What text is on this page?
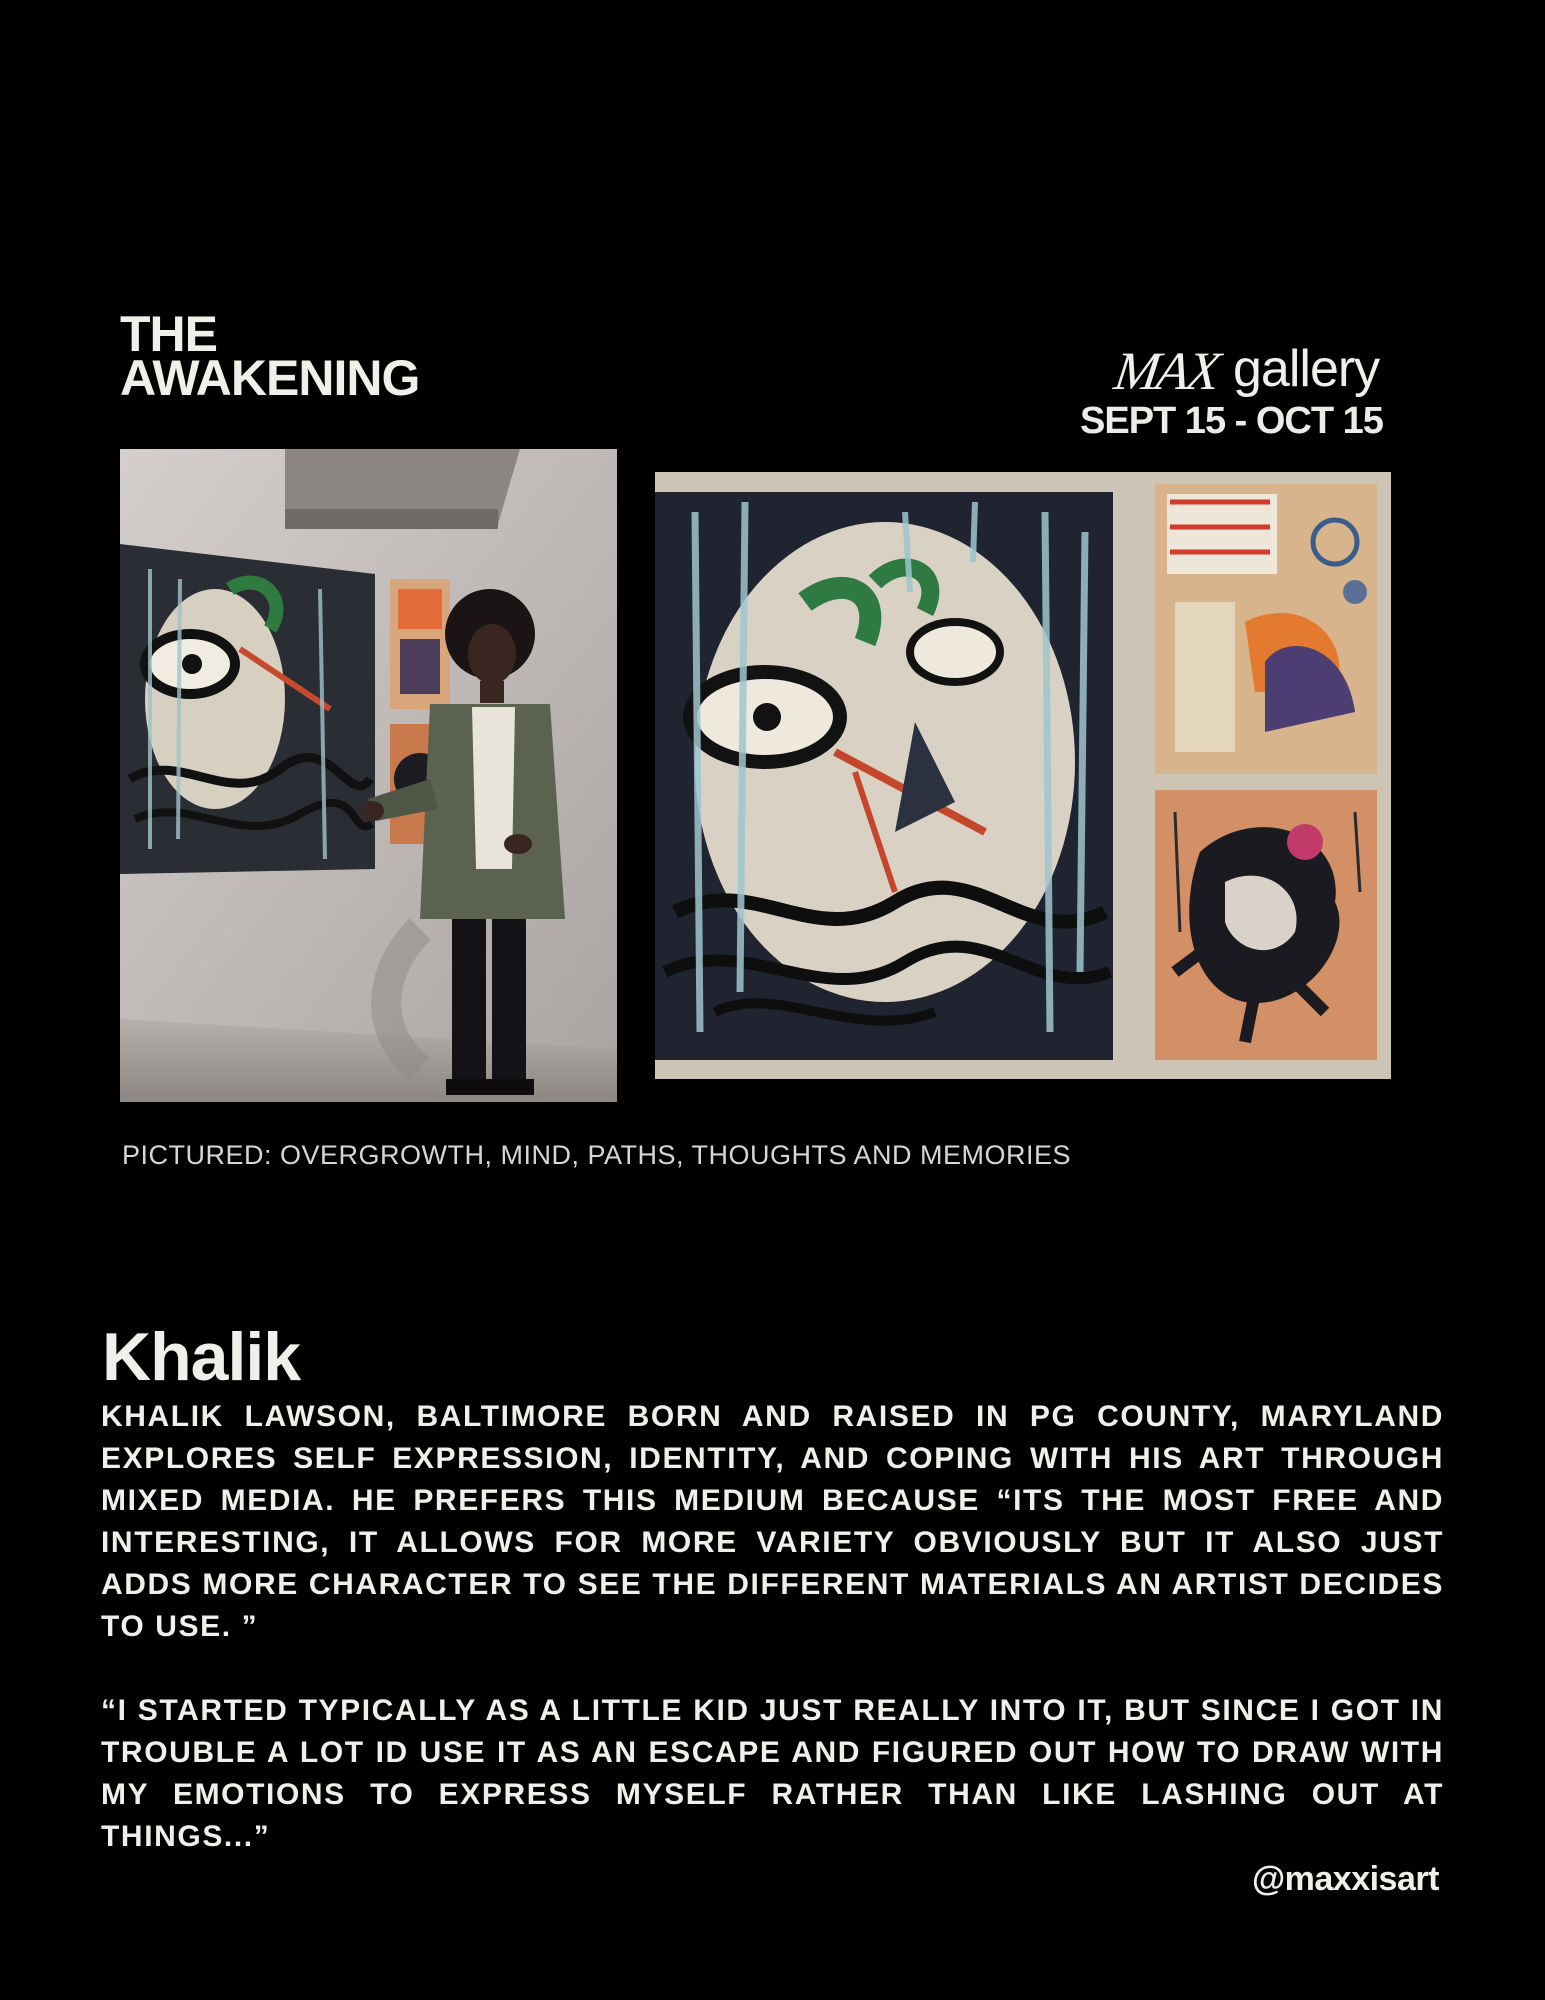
THE
AWAKENING	MAX gallery
SEPT 15 - OCT 15
PICTURED: OVERGROWTH, MIND, PATHS, THOUGHTS AND MEMORIES
Khalik

KHALIK LAWSON, BALTIMORE BORN AND RAISED IN PG COUNTY, MARYLAND EXPLORES SELF EXPRESSION, IDENTITY, AND COPING WITH HIS ART THROUGH MIXED MEDIA. HE PREFERS THIS MEDIUM BECAUSE “ITS THE MOST FREE AND INTERESTING, IT ALLOWS FOR MORE VARIETY OBVIOUSLY BUT IT ALSO JUST ADDS MORE CHARACTER TO SEE THE DIFFERENT MATERIALS AN ARTIST DECIDES TO USE. ”

“I STARTED TYPICALLY AS A LITTLE KID JUST REALLY INTO IT, BUT SINCE I GOT IN TROUBLE A LOT ID USE IT AS AN ESCAPE AND FIGURED OUT HOW TO DRAW WITH MY EMOTIONS TO EXPRESS MYSELF RATHER THAN LIKE LASHING OUT AT THINGS...”

@maxxisart
